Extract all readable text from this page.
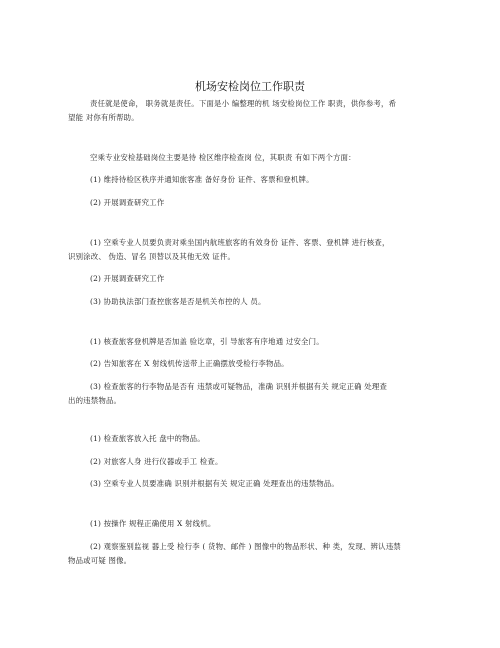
机场安检岗位工作职责
责任就是使命， 职务就是责任。下面是小 编整理的机 场安检岗位工作 职责，供你参考，希
望能 对你有所帮助。
空乘专业安检基础岗位主要是待 检区维序检查岗 位，其职责 有如下两个方面：
(1) 维持待检区秩序并通知旅客准 备好身份 证件、客票和登机牌。
(2) 开展调查研究工作
(1) 空乘专业人员要负责对乘坐国内航班旅客的有效身份 证件、客票、登机牌 进行核查，
识别涂改、 伪造、冒名 顶替以及其他无效 证件。
(2) 开展调查研究工作
(3) 协助执法部门查控旅客是否是机关布控的人 员。
(1) 核查旅客登机牌是否加盖 验讫章，引 导旅客有序地通 过安全门。
(2) 告知旅客在 X 射线机传送带上正确摆放受检行李物品。
(3) 检查旅客的行李物品是否有 违禁或可疑物品，准确 识别并根据有关 规定正确 处理查
出的违禁物品。
(1) 检查旅客放入托 盘中的物品。
(2) 对旅客人身 进行仪器或手工 检查。
(3) 空乘专业人员要准确 识别并根据有关 规定正确 处理查出的违禁物品。
(1) 按操作 规程正确使用 X 射线机。
(2) 观察鉴别监视 器上受 检行李 ( 货物、邮件 ) 图像中的物品形状、种 类，发现、辨认违禁
物品或可疑 图像。
